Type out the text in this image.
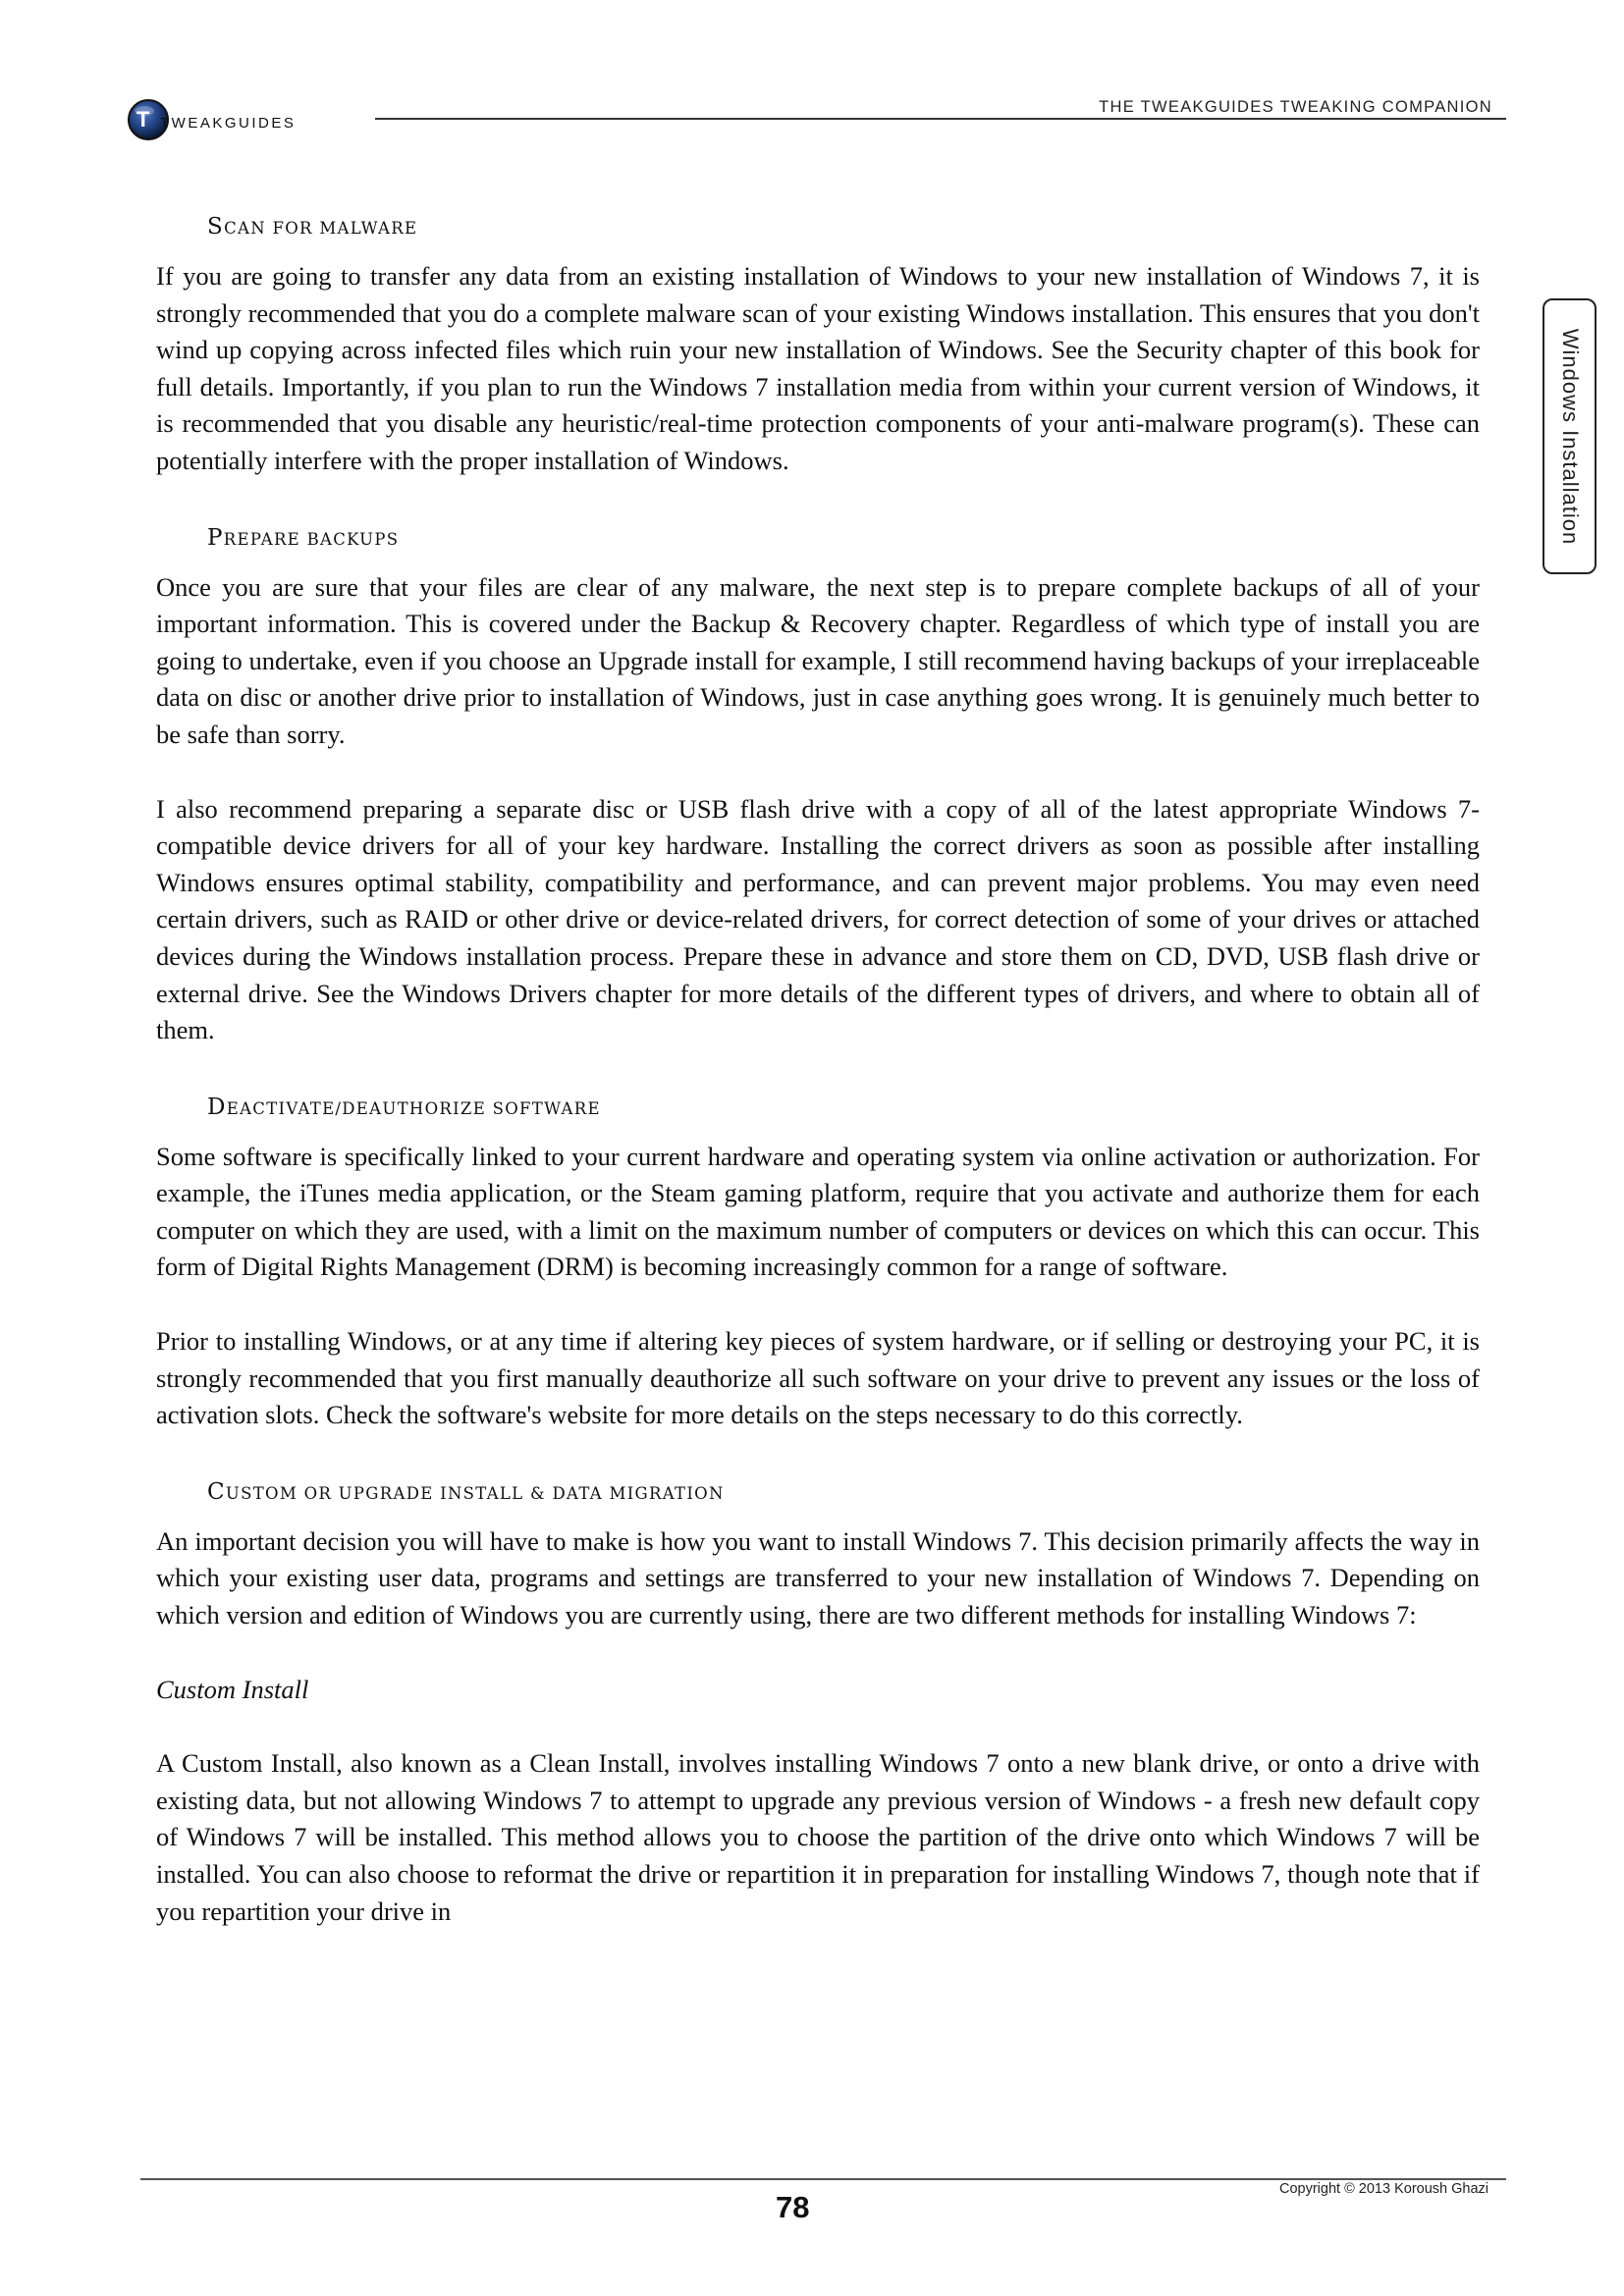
T TWEAKGUIDES
THE TWEAKGUIDES TWEAKING COMPANION
Windows Installation
SCAN FOR MALWARE

If you are going to transfer any data from an existing installation of Windows to your new installation of Windows 7, it is strongly recommended that you do a complete malware scan of your existing Windows installation. This ensures that you don't wind up copying across infected files which ruin your new installation of Windows. See the Security chapter of this book for full details. Importantly, if you plan to run the Windows 7 installation media from within your current version of Windows, it is recommended that you disable any heuristic/real-time protection components of your anti-malware program(s). These can potentially interfere with the proper installation of Windows.

PREPARE BACKUPS

Once you are sure that your files are clear of any malware, the next step is to prepare complete backups of all of your important information. This is covered under the Backup & Recovery chapter. Regardless of which type of install you are going to undertake, even if you choose an Upgrade install for example, I still recommend having backups of your irreplaceable data on disc or another drive prior to installation of Windows, just in case anything goes wrong. It is genuinely much better to be safe than sorry.

I also recommend preparing a separate disc or USB flash drive with a copy of all of the latest appropriate Windows 7-compatible device drivers for all of your key hardware. Installing the correct drivers as soon as possible after installing Windows ensures optimal stability, compatibility and performance, and can prevent major problems. You may even need certain drivers, such as RAID or other drive or device-related drivers, for correct detection of some of your drives or attached devices during the Windows installation process. Prepare these in advance and store them on CD, DVD, USB flash drive or external drive. See the Windows Drivers chapter for more details of the different types of drivers, and where to obtain all of them.

DEACTIVATE/DEAUTHORIZE SOFTWARE

Some software is specifically linked to your current hardware and operating system via online activation or authorization. For example, the iTunes media application, or the Steam gaming platform, require that you activate and authorize them for each computer on which they are used, with a limit on the maximum number of computers or devices on which this can occur. This form of Digital Rights Management (DRM) is becoming increasingly common for a range of software.

Prior to installing Windows, or at any time if altering key pieces of system hardware, or if selling or destroying your PC, it is strongly recommended that you first manually deauthorize all such software on your drive to prevent any issues or the loss of activation slots. Check the software's website for more details on the steps necessary to do this correctly.

CUSTOM OR UPGRADE INSTALL & DATA MIGRATION

An important decision you will have to make is how you want to install Windows 7. This decision primarily affects the way in which your existing user data, programs and settings are transferred to your new installation of Windows 7. Depending on which version and edition of Windows you are currently using, there are two different methods for installing Windows 7:

Custom Install

A Custom Install, also known as a Clean Install, involves installing Windows 7 onto a new blank drive, or onto a drive with existing data, but not allowing Windows 7 to attempt to upgrade any previous version of Windows - a fresh new default copy of Windows 7 will be installed. This method allows you to choose the partition of the drive onto which Windows 7 will be installed. You can also choose to reformat the drive or repartition it in preparation for installing Windows 7, though note that if you repartition your drive in

Copyright © 2013 Koroush Ghazi
78
